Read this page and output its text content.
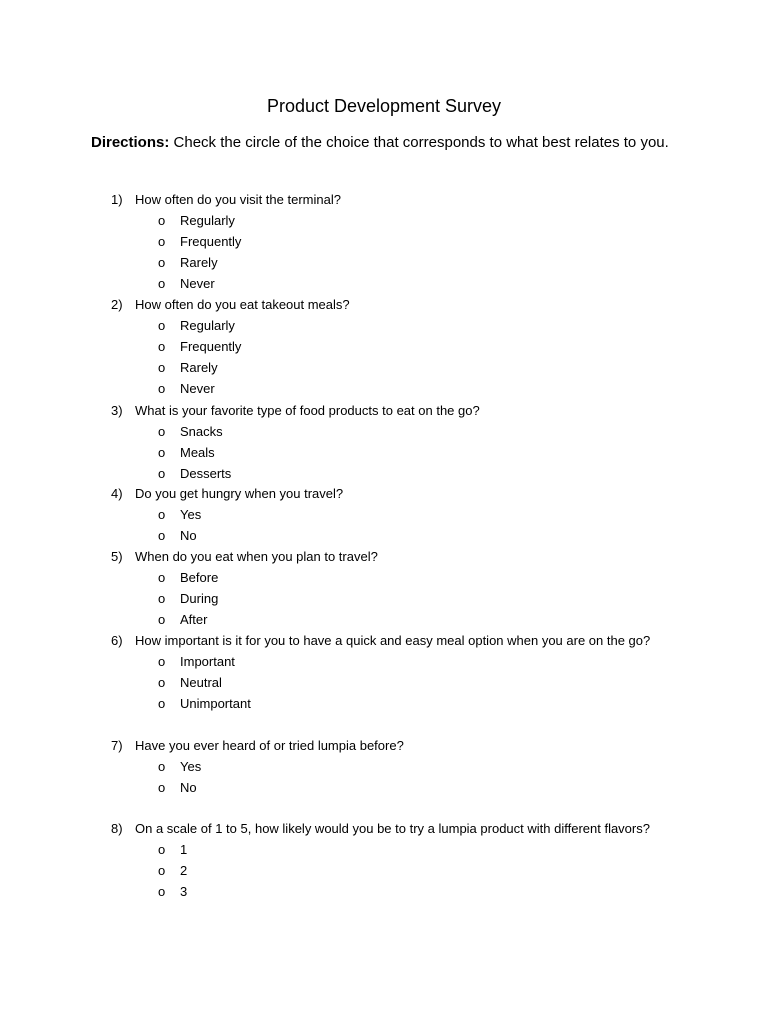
Product Development Survey
Directions: Check the circle of the choice that corresponds to what best relates to you.
1) How often do you visit the terminal?
o Regularly
o Frequently
o Rarely
o Never
2) How often do you eat takeout meals?
o Regularly
o Frequently
o Rarely
o Never
3) What is your favorite type of food products to eat on the go?
o Snacks
o Meals
o Desserts
4) Do you get hungry when you travel?
o Yes
o No
5) When do you eat when you plan to travel?
o Before
o During
o After
6) How important is it for you to have a quick and easy meal option when you are on the go?
o Important
o Neutral
o Unimportant
7) Have you ever heard of or tried lumpia before?
o Yes
o No
8) On a scale of 1 to 5, how likely would you be to try a lumpia product with different flavors?
o 1
o 2
o 3
